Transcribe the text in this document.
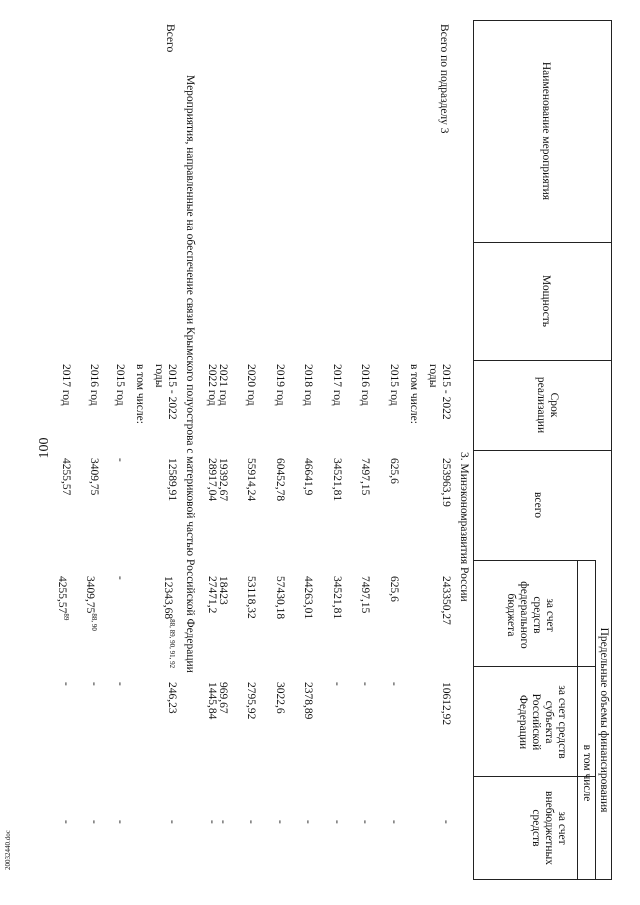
100
20032440.doc
Наименование мероприятия
Мощность
Срок реализации
всего
Предельные объемы финансирования
в том числе
за счет средств федерального бюджета
за счет средств субъекта Российской Федерации
за счет внебюджетных средств
3. Минэкономразвития России
Всего по подразделу 3
2015 - 2022 годы
253963,19
243350,27
10612,92
-
в том числе:
2015 год
625,6
625,6
-
-
2016 год
7497,15
7497,15
-
-
2017 год
34521,81
34521,81
-
-
2018 год
46641,9
44263,01
2378,89
-
2019 год
60452,78
57430,18
3022,6
-
2020 год
55914,24
53118,32
2795,92
-
2021 год
19392,67
18423
969,67
-
2022 год
28917,04
27471,2
1445,84
-
Мероприятия, направленные на обеспечение связи Крымского полуострова с материковой частью Российской Федерации
Всего
2015 - 2022 годы
12589,91
12343,68$^{88, 89, 90, 91, 92}$
246,23
-
в том числе:
2015 год
-
-
-
-
2016 год
3409,75
3409,75$^{88, 90}$
-
-
2017 год
4255,57
4255,57$^{89}$
-
-
